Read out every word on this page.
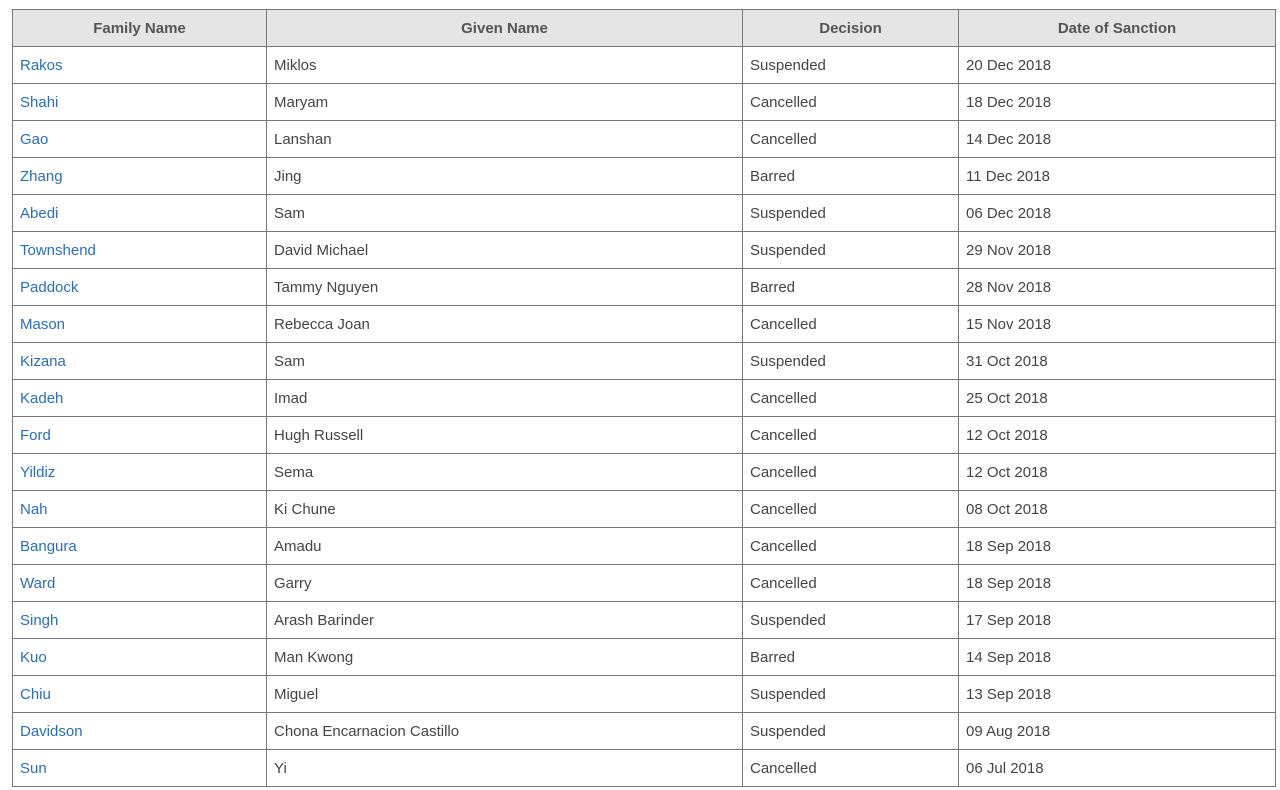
Family Name	Given Name	Decision	Date of Sanction
Rakos	Miklos	Suspended	20 Dec 2018
Shahi	Maryam	Cancelled	18 Dec 2018
Gao	Lanshan	Cancelled	14 Dec 2018
Zhang	Jing	Barred	11 Dec 2018
Abedi	Sam	Suspended	06 Dec 2018
Townshend	David Michael	Suspended	29 Nov 2018
Paddock	Tammy Nguyen	Barred	28 Nov 2018
Mason	Rebecca Joan	Cancelled	15 Nov 2018
Kizana	Sam	Suspended	31 Oct 2018
Kadeh	Imad	Cancelled	25 Oct 2018
Ford	Hugh Russell	Cancelled	12 Oct 2018
Yildiz	Sema	Cancelled	12 Oct 2018
Nah	Ki Chune	Cancelled	08 Oct 2018
Bangura	Amadu	Cancelled	18 Sep 2018
Ward	Garry	Cancelled	18 Sep 2018
Singh	Arash Barinder	Suspended	17 Sep 2018
Kuo	Man Kwong	Barred	14 Sep 2018
Chiu	Miguel	Suspended	13 Sep 2018
Davidson	Chona Encarnacion Castillo	Suspended	09 Aug 2018
Sun	Yi	Cancelled	06 Jul 2018
